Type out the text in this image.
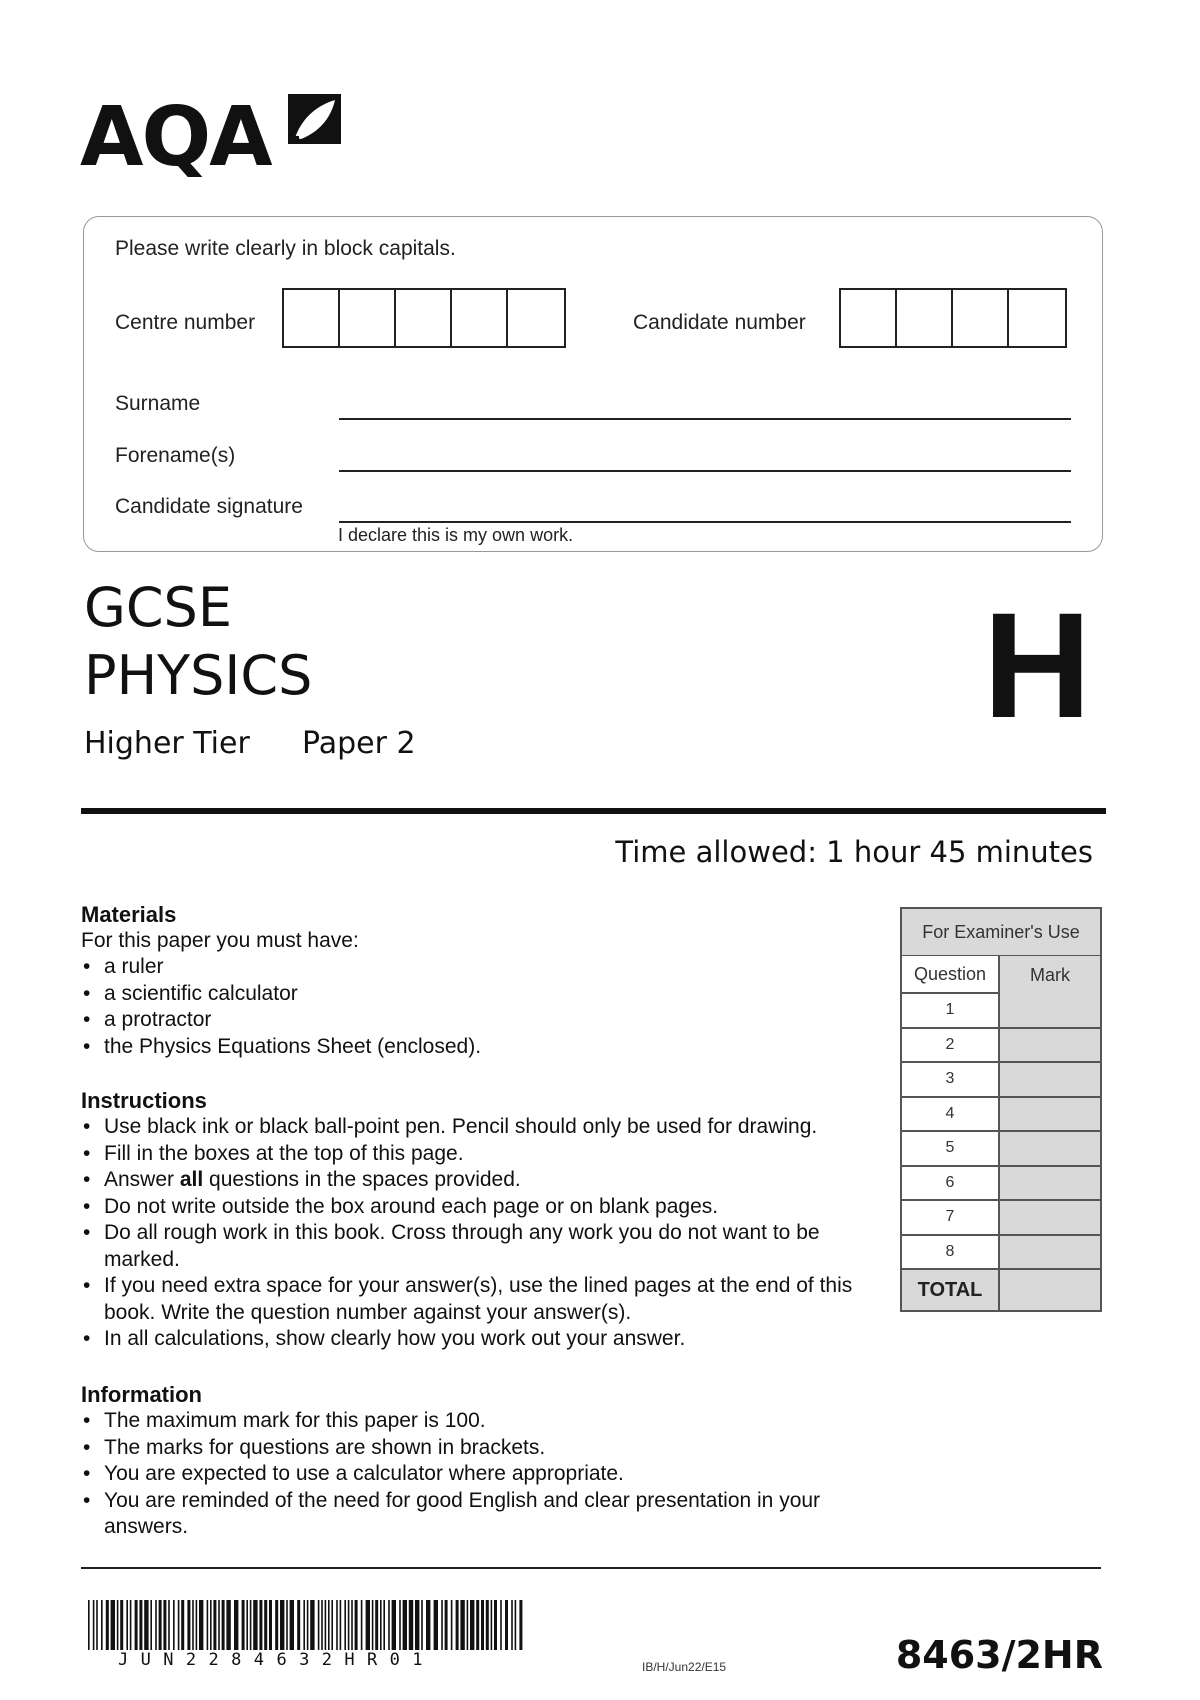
AQA
Please write clearly in block capitals.
Centre number	Candidate number
Surname
Forename(s)
Candidate signature
I declare this is my own work.
GCSE
PHYSICS
Higher Tier Paper 2	H
Time allowed: 1 hour 45 minutes
Materials
For this paper you must have:
• a ruler
• a scientific calculator
• a protractor
• the Physics Equations Sheet (enclosed).
Instructions
• Use black ink or black ball-point pen. Pencil should only be used for drawing.
• Fill in the boxes at the top of this page.
• Answer all questions in the spaces provided.
• Do not write outside the box around each page or on blank pages.
• Do all rough work in this book. Cross through any work you do not want to be marked.
• If you need extra space for your answer(s), use the lined pages at the end of this book. Write the question number against your answer(s).
• In all calculations, show clearly how you work out your answer.
Information
• The maximum mark for this paper is 100.
• The marks for questions are shown in brackets.
• You are expected to use a calculator where appropriate.
• You are reminded of the need for good English and clear presentation in your answers.
For Examiner's Use
Question	Mark
1
2
3
4
5
6
7
8
TOTAL
JUN2284632HR01	IB/H/Jun22/E15	8463/2HR
